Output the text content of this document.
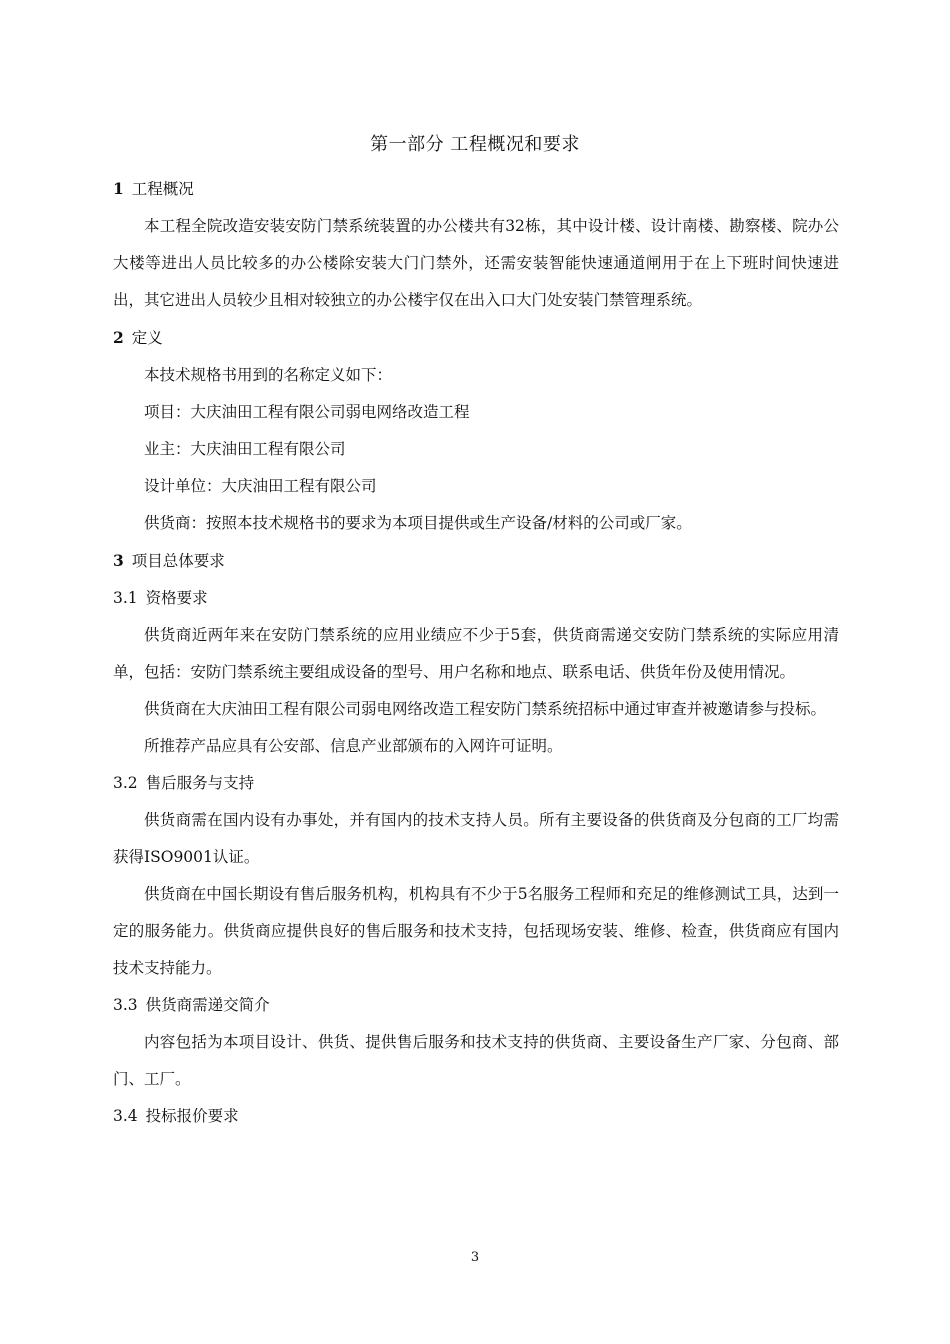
第一部分 工程概况和要求

1 工程概况

本工程全院改造安装安防门禁系统装置的办公楼共有32栋，其中设计楼、设计南楼、勘察楼、院办公大楼等进出人员比较多的办公楼除安装大门门禁外，还需安装智能快速通道闸用于在上下班时间快速进出，其它进出人员较少且相对较独立的办公楼宇仅在出入口大门处安装门禁管理系统。

2 定义

本技术规格书用到的名称定义如下：

项目：大庆油田工程有限公司弱电网络改造工程

业主：大庆油田工程有限公司

设计单位：大庆油田工程有限公司

供货商：按照本技术规格书的要求为本项目提供或生产设备/材料的公司或厂家。

3 项目总体要求

3.1 资格要求

供货商近两年来在安防门禁系统的应用业绩应不少于5套，供货商需递交安防门禁系统的实际应用清单，包括：安防门禁系统主要组成设备的型号、用户名称和地点、联系电话、供货年份及使用情况。

供货商在大庆油田工程有限公司弱电网络改造工程安防门禁系统招标中通过审查并被邀请参与投标。

所推荐产品应具有公安部、信息产业部颁布的入网许可证明。

3.2 售后服务与支持

供货商需在国内设有办事处，并有国内的技术支持人员。所有主要设备的供货商及分包商的工厂均需获得ISO9001认证。

供货商在中国长期设有售后服务机构，机构具有不少于5名服务工程师和充足的维修测试工具，达到一定的服务能力。供货商应提供良好的售后服务和技术支持，包括现场安装、维修、检查，供货商应有国内技术支持能力。

3.3 供货商需递交简介

内容包括为本项目设计、供货、提供售后服务和技术支持的供货商、主要设备生产厂家、分包商、部门、工厂。

3.4 投标报价要求

3
